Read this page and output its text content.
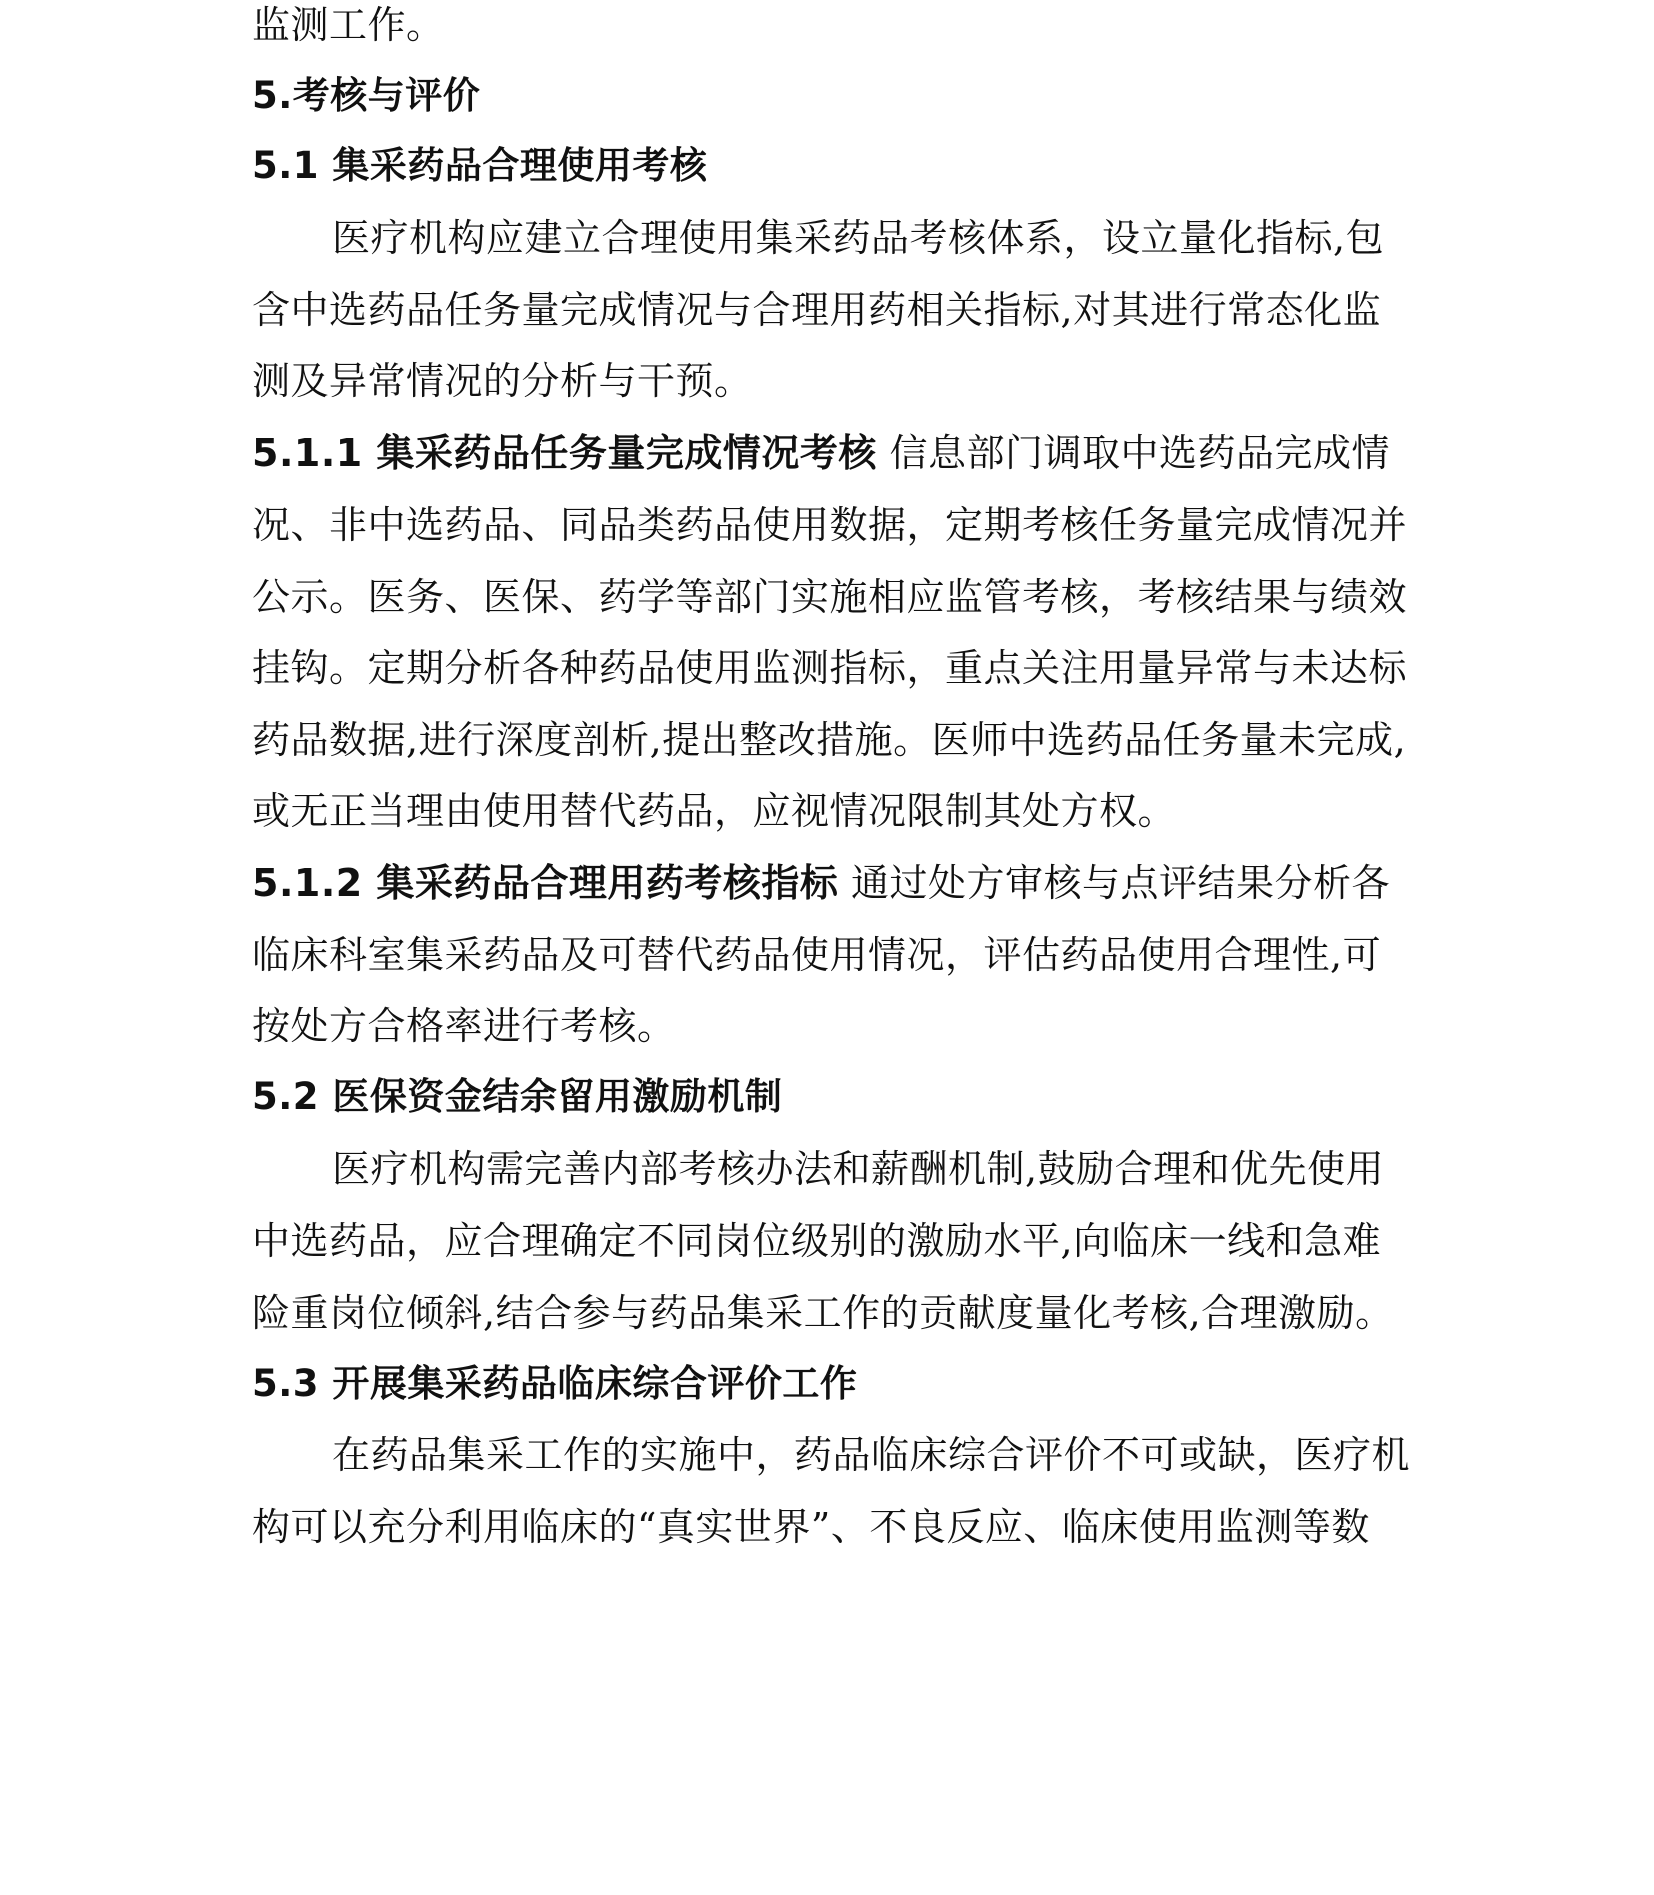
监测工作。
5.考核与评价
5.1 集采药品合理使用考核
医疗机构应建立合理使用集采药品考核体系，设立量化指标,包
含中选药品任务量完成情况与合理用药相关指标,对其进行常态化监
测及异常情况的分析与干预。
5.1.1 集采药品任务量完成情况考核 信息部门调取中选药品完成情
况、非中选药品、同品类药品使用数据，定期考核任务量完成情况并
公示。医务、医保、药学等部门实施相应监管考核，考核结果与绩效
挂钩。定期分析各种药品使用监测指标，重点关注用量异常与未达标
药品数据,进行深度剖析,提出整改措施。医师中选药品任务量未完成,
或无正当理由使用替代药品，应视情况限制其处方权。
5.1.2 集采药品合理用药考核指标 通过处方审核与点评结果分析各
临床科室集采药品及可替代药品使用情况，评估药品使用合理性,可
按处方合格率进行考核。
5.2 医保资金结余留用激励机制
医疗机构需完善内部考核办法和薪酬机制,鼓励合理和优先使用
中选药品，应合理确定不同岗位级别的激励水平,向临床一线和急难
险重岗位倾斜,结合参与药品集采工作的贡献度量化考核,合理激励。
5.3 开展集采药品临床综合评价工作
在药品集采工作的实施中，药品临床综合评价不可或缺，医疗机
构可以充分利用临床的“真实世界”、不良反应、临床使用监测等数
